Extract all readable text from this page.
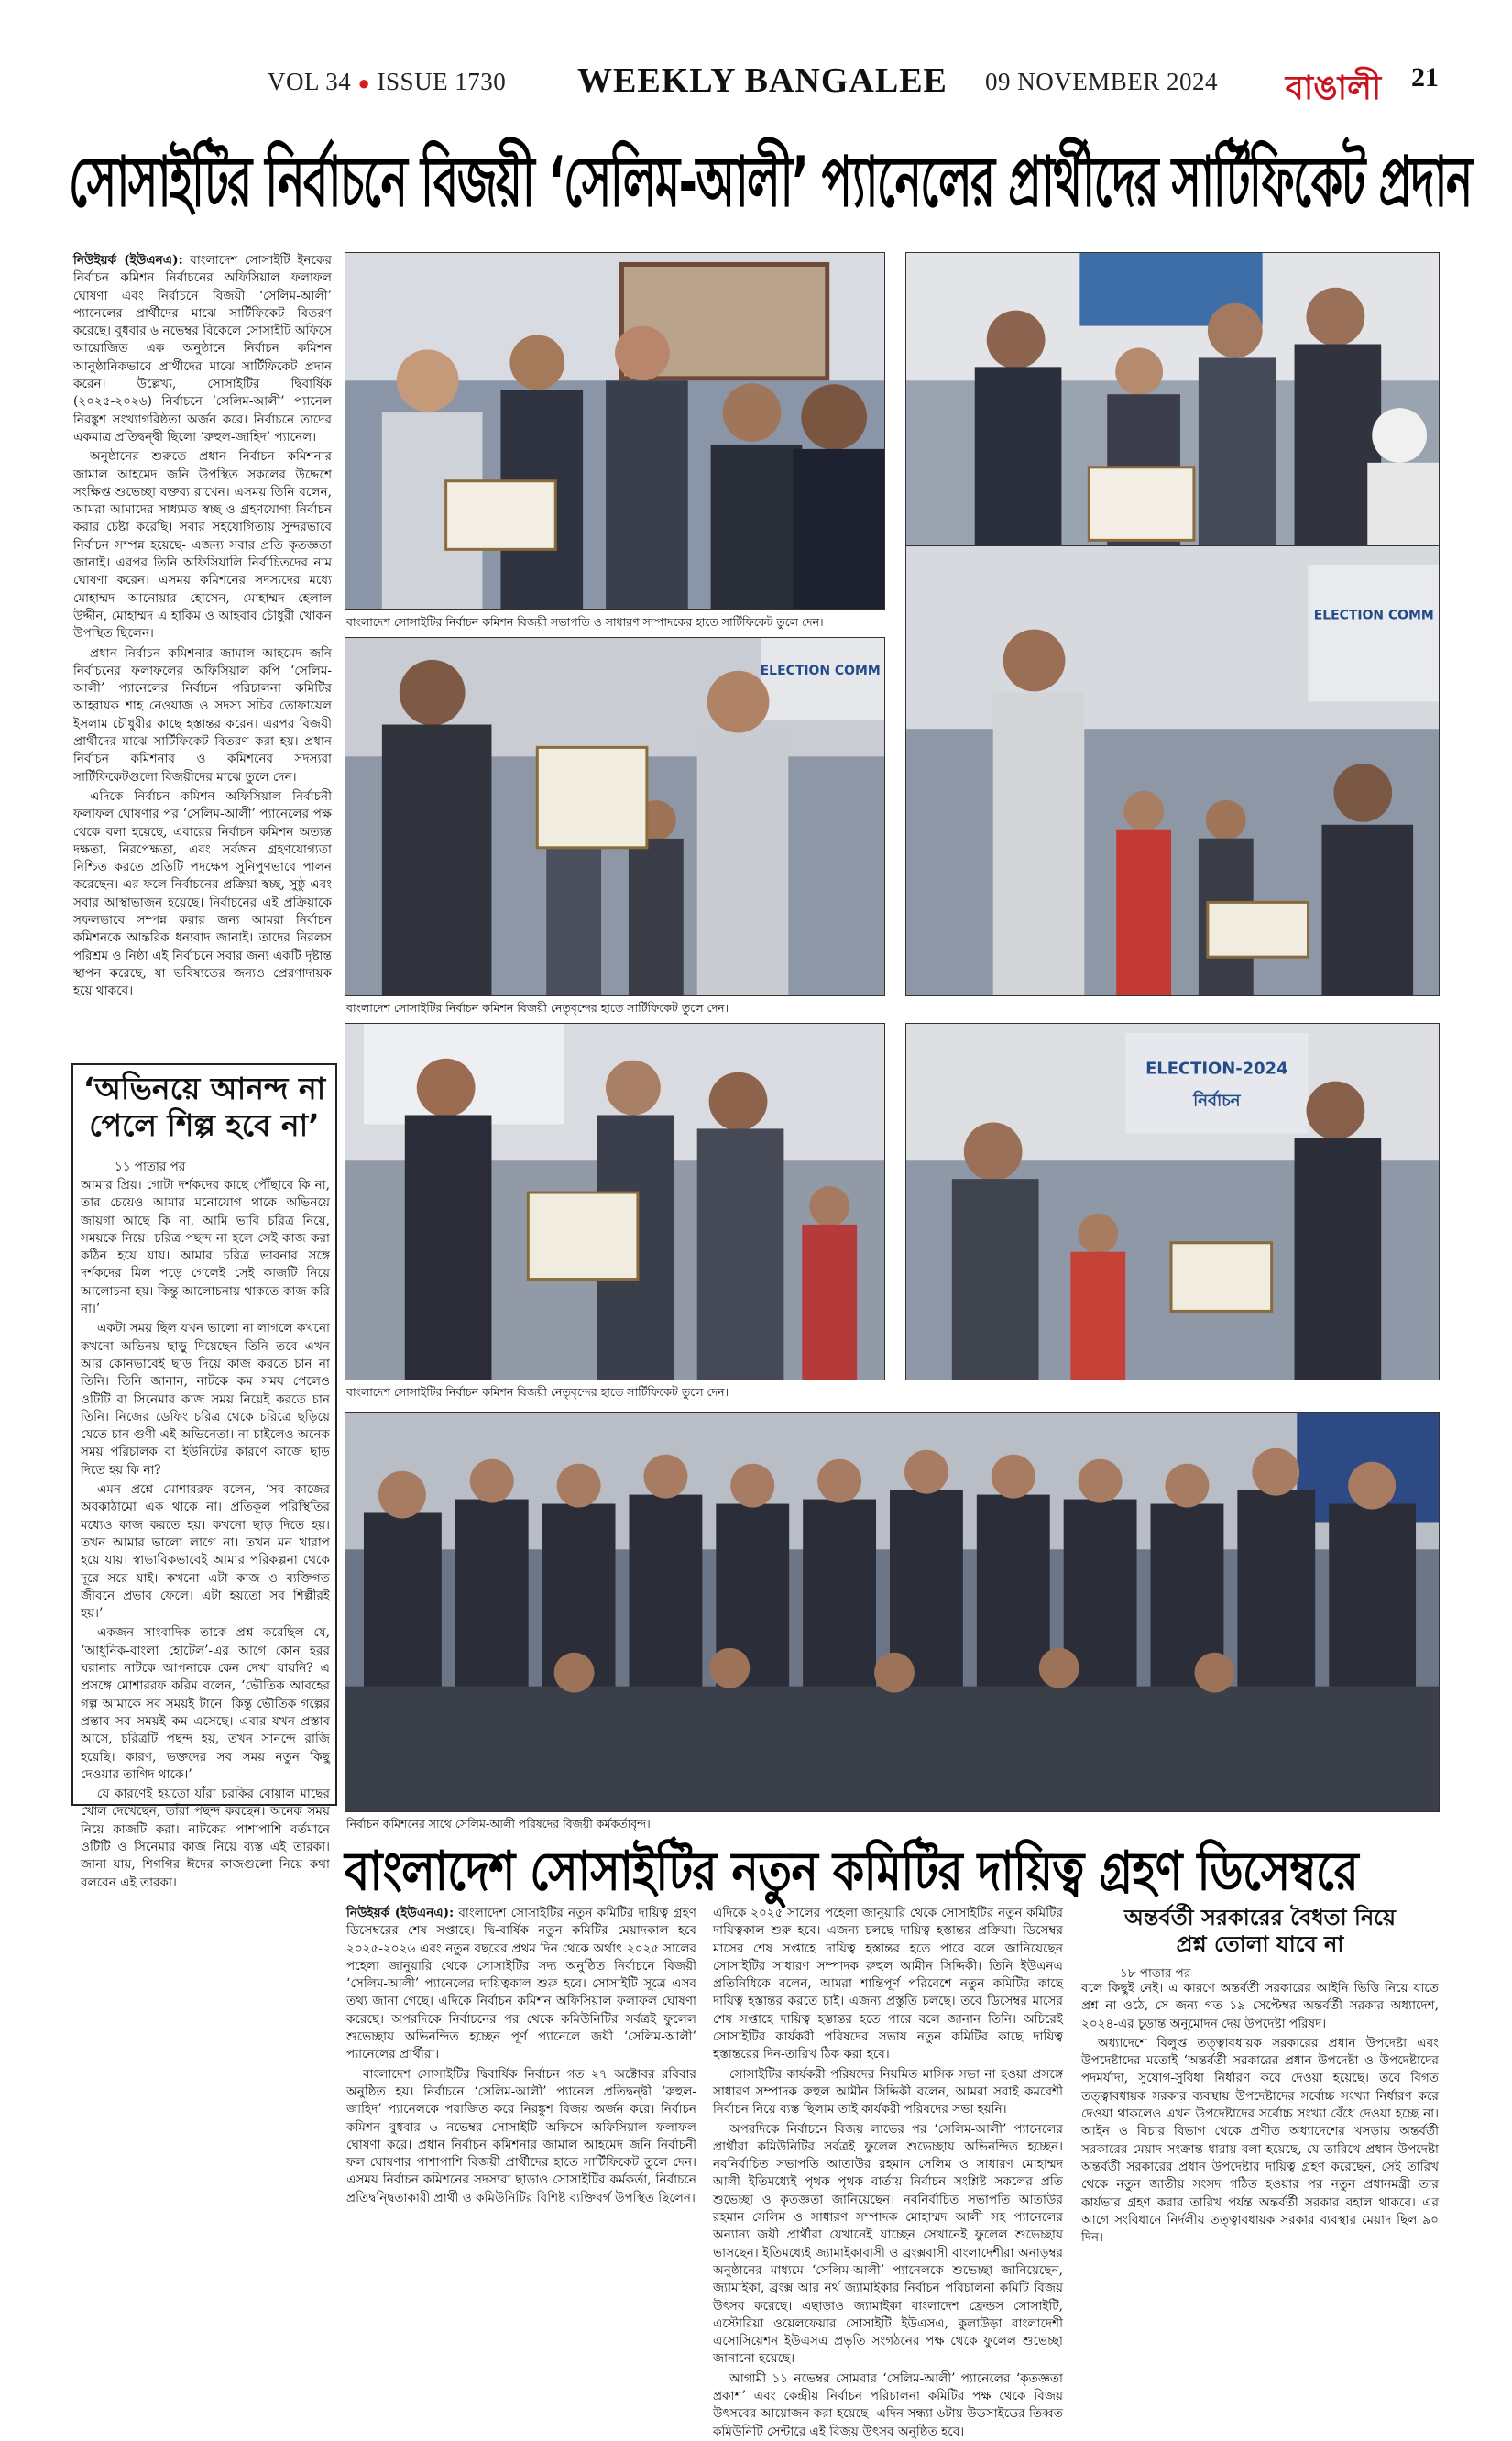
VOL 34 ● ISSUE 1730 WEEKLY BANGALEE 09 NOVEMBER 2024 বাঙালী 21
সোসাইটির নির্বাচনে বিজয়ী ‘সেলিম-আলী’ প্যানেলের প্রার্থীদের সার্টিফিকেট প্রদান

নিউইয়র্ক (ইউএনএ): বাংলাদেশ সোসাইটি ইনকের নির্বাচন কমিশন নির্বাচনের অফিসিয়াল ফলাফল ঘোষণা এবং নির্বাচনে বিজয়ী ‘সেলিম-আলী’ প্যানেলের প্রার্থীদের মাঝে সার্টিফিকেট বিতরণ করেছে। বুধবার ৬ নভেম্বর বিকেলে সোসাইটি অফিসে আয়োজিত এক অনুষ্ঠানে নির্বাচন কমিশন আনুষ্ঠানিকভাবে প্রার্থীদের মাঝে সার্টিফিকেট প্রদান করেন। উল্লেখ্য, সোসাইটির দ্বিবার্ষিক (২০২৫-২০২৬) নির্বাচনে ‘সেলিম-আলী’ প্যানেল নিরঙ্কুশ সংখ্যাগরিষ্ঠতা অর্জন করে। নির্বাচনে তাদের একমাত্র প্রতিদ্বন্দ্বী ছিলো ‘রুহুল-জাহিদ’ প্যানেল।

অনুষ্ঠানের শুরুতে প্রধান নির্বাচন কমিশনার জামাল আহমেদ জনি উপস্থিত সকলের উদ্দেশে সংক্ষিপ্ত শুভেচ্ছা বক্তব্য রাখেন। এসময় তিনি বলেন, আমরা আমাদের সাধ্যমত স্বচ্ছ ও গ্রহণযোগ্য নির্বাচন করার চেষ্টা করেছি। সবার সহযোগিতায় সুন্দরভাবে নির্বাচন সম্পন্ন হয়েছে- এজন্য সবার প্রতি কৃতজ্ঞতা জানাই। এরপর তিনি অফিসিয়ালি নির্বাচিতদের নাম ঘোষণা করেন। এসময় কমিশনের সদস্যদের মধ্যে মোহাম্মদ আনোয়ার হোসেন, মোহাম্মদ হেলাল উদ্দীন, মোহাম্মদ এ হাকিম ও আহবাব চৌধুরী খোকন উপস্থিত ছিলেন।

প্রধান নির্বাচন কমিশনার জামাল আহমেদ জনি নির্বাচনের ফলাফলের অফিসিয়াল কপি ‘সেলিম-আলী’ প্যানেলের নির্বাচন পরিচালনা কমিটির আহ্বায়ক শাহ নেওয়াজ ও সদস্য সচিব তোফায়েল ইসলাম চৌধুরীর কাছে হস্তান্তর করেন। এরপর বিজয়ী প্রার্থীদের মাঝে সার্টিফিকেট বিতরণ করা হয়। প্রধান নির্বাচন কমিশনার ও কমিশনের সদস্যরা সার্টিফিকেটগুলো বিজয়ীদের মাঝে তুলে দেন।

এদিকে নির্বাচন কমিশন অফিসিয়াল নির্বাচনী ফলাফল ঘোষণার পর ‘সেলিম-আলী’ প্যানেলের পক্ষ থেকে বলা হয়েছে, এবারের নির্বাচন কমিশন অত্যন্ত দক্ষতা, নিরপেক্ষতা, এবং সর্বজন গ্রহণযোগ্যতা নিশ্চিত করতে প্রতিটি পদক্ষেপ সুনিপুণভাবে পালন করেছেন। এর ফলে নির্বাচনের প্রক্রিয়া স্বচ্ছ, সুষ্ঠু এবং সবার আস্থাভাজন হয়েছে। নির্বাচনের এই প্রক্রিয়াকে সফলভাবে সম্পন্ন করার জন্য আমরা নির্বাচন কমিশনকে আন্তরিক ধন্যবাদ জানাই। তাদের নিরলস পরিশ্রম ও নিষ্ঠা এই নির্বাচনে সবার জন্য একটি দৃষ্টান্ত স্থাপন করেছে, যা ভবিষ্যতের জন্যও প্রেরণাদায়ক হয়ে থাকবে।

বাংলাদেশ সোসাইটির নির্বাচন কমিশন বিজয়ী সভাপতি ও সাধারণ সম্পাদকের হাতে সার্টিফিকেট তুলে দেন।
ELECTION COMM
ELECTION COMM
বাংলাদেশ সোসাইটির নির্বাচন কমিশন বিজয়ী নেতৃবৃন্দের হাতে সার্টিফিকেট তুলে দেন।
ELECTION-2024
নির্বাচন
বাংলাদেশ সোসাইটির নির্বাচন কমিশন বিজয়ী নেতৃবৃন্দের হাতে সার্টিফিকেট তুলে দেন।
‘অভিনয়ে আনন্দ না
পেলে শিল্প হবে না’
১১ পাতার পর

আমার প্রিয়। গোটা দর্শকদের কাছে পৌঁছাবে কি না, তার চেয়েও আমার মনোযোগ থাকে অভিনয়ে জায়গা আছে কি না, আমি ভাবি চরিত্র নিয়ে, সময়কে নিয়ে। চরিত্র পছন্দ না হলে সেই কাজ করা কঠিন হয়ে যায়। আমার চরিত্র ভাবনার সঙ্গে দর্শকদের মিল পড়ে গেলেই সেই কাজটি নিয়ে আলোচনা হয়। কিন্তু আলোচনায় থাকতে কাজ করি না।’

একটা সময় ছিল যখন ভালো না লাগলে কখনো কখনো অভিনয় ছাড়ু দিয়েছেন তিনি তবে এখন আর কোনভাবেই ছাড় দিয়ে কাজ করতে চান না তিনি। তিনি জানান, নাটকে কম সময় পেলেও ওটিটি বা সিনেমার কাজ সময় নিয়েই করতে চান তিনি। নিজের ডেফিং চরিত্র থেকে চরিত্রে ছড়িয়ে যেতে চান গুণী এই অভিনেতা। না চাইলেও অনেক সময় পরিচালক বা ইউনিটের কারণে কাজে ছাড় দিতে হয় কি না?

এমন প্রশ্নে মোশাররফ বলেন, ‘সব কাজের অবকাঠামো এক থাকে না। প্রতিকূল পরিস্থিতির মধ্যেও কাজ করতে হয়। কখনো ছাড় দিতে হয়। তখন আমার ভালো লাগে না। তখন মন খারাপ হয়ে যায়। স্বাভাবিকভাবেই আমার পরিকল্পনা থেকে দূরে সরে যাই। কখনো এটা কাজ ও ব্যক্তিগত জীবনে প্রভাব ফেলে। এটা হয়তো সব শিল্পীরই হয়।’

একজন সাংবাদিক তাকে প্রশ্ন করেছিল যে, ‘আধুনিক-বাংলা হোটেল’-এর আগে কোন হরর ঘরানার নাটকে আপনাকে কেন দেখা যায়নি? এ প্রসঙ্গে মোশাররফ করিম বলেন, ‘ভৌতিক আবহের গল্প আমাকে সব সময়ই টানে। কিন্তু ভৌতিক গল্পের প্রস্তাব সব সময়ই কম এসেছে। এবার যখন প্রস্তাব আসে, চরিত্রটি পছন্দ হয়, তখন সানন্দে রাজি হয়েছি। কারণ, ভক্তদের সব সময় নতুন কিছু দেওয়ার তাগিদ থাকে।’

যে কারণেই হয়তো যাঁরা চরকির বোয়াল মাছের খোল দেখেছেন, তাঁরা পছন্দ করছেন। অনেক সময় নিয়ে কাজটি করা। নাটকের পাশাপাশি বর্তমানে ওটিটি ও সিনেমার কাজ নিয়ে ব্যস্ত এই তারকা। জানা যায়, শিগগির ঈদের কাজগুলো নিয়ে কথা বলবেন এই তারকা।

নির্বাচন কমিশনের সাথে সেলিম-আলী পরিষদের বিজয়ী কর্মকর্তাবৃন্দ।
বাংলাদেশ সোসাইটির নতুন কমিটির দায়িত্ব গ্রহণ ডিসেম্বরে

নিউইয়র্ক (ইউএনএ): বাংলাদেশ সোসাইটির নতুন কমিটির দায়িত্ব গ্রহণ ডিসেম্বরের শেষ সপ্তাহে। দ্বি-বার্ষিক নতুন কমিটির মেয়াদকাল হবে ২০২৫-২০২৬ এবং নতুন বছরের প্রথম দিন থেকে অর্থাৎ ২০২৫ সালের পহেলা জানুয়ারি থেকে সোসাইটির সদ্য অনুষ্ঠিত নির্বাচনে বিজয়ী ‘সেলিম-আলী’ প্যানেলের দায়িত্বকাল শুরু হবে। সোসাইটি সূত্রে এসব তথ্য জানা গেছে। এদিকে নির্বাচন কমিশন অফিসিয়াল ফলাফল ঘোষণা করেছে। অপরদিকে নির্বাচনের পর থেকে কমিউনিটির সর্বত্রই ফুলেল শুভেচ্ছায় অভিনন্দিত হচ্ছেন পূর্ণ প্যানেলে জয়ী ‘সেলিম-আলী’ প্যানেলের প্রার্থীরা।

বাংলাদেশ সোসাইটির দ্বিবার্ষিক নির্বাচন গত ২৭ অক্টোবর রবিবার অনুষ্ঠিত হয়। নির্বাচনে ‘সেলিম-আলী’ প্যানেল প্রতিদ্বন্দ্বী ‘রুহুল-জাহিদ’ প্যানেলকে পরাজিত করে নিরঙ্কুশ বিজয় অর্জন করে। নির্বাচন কমিশন বুধবার ৬ নভেম্বর সোসাইটি অফিসে অফিসিয়াল ফলাফল ঘোষণা করে। প্রধান নির্বাচন কমিশনার জামাল আহমেদ জনি নির্বাচনী ফল ঘোষণার পাশাপাশি বিজয়ী প্রার্থীদের হাতে সার্টিফিকেট তুলে দেন। এসময় নির্বাচন কমিশনের সদস্যরা ছাড়াও সোসাইটির কর্মকর্তা, নির্বাচনে প্রতিদ্বন্দ্বিতাকারী প্রার্থী ও কমিউনিটির বিশিষ্ট ব্যক্তিবর্গ উপস্থিত ছিলেন।

এদিকে ২০২৫ সালের পহেলা জানুয়ারি থেকে সোসাইটির নতুন কমিটির দায়িত্বকাল শুরু হবে। এজন্য চলছে দায়িত্ব হস্তান্তর প্রক্রিয়া। ডিসেম্বর মাসের শেষ সপ্তাহে দায়িত্ব হস্তান্তর হতে পারে বলে জানিয়েছেন সোসাইটির সাধারণ সম্পাদক রুহুল আমীন সিদ্দিকী। তিনি ইউএনএ প্রতিনিধিকে বলেন, আমরা শান্তিপূর্ণ পরিবেশে নতুন কমিটির কাছে দায়িত্ব হস্তান্তর করতে চাই। এজন্য প্রস্তুতি চলছে। তবে ডিসেম্বর মাসের শেষ সপ্তাহে দায়িত্ব হস্তান্তর হতে পারে বলে জানান তিনি। অচিরেই সোসাইটির কার্যকরী পরিষদের সভায় নতুন কমিটির কাছে দায়িত্ব হস্তান্তরের দিন-তারিখ ঠিক করা হবে।

সোসাইটির কার্যকরী পরিষদের নিয়মিত মাসিক সভা না হওয়া প্রসঙ্গে সাধারণ সম্পাদক রুহুল আমীন সিদ্দিকী বলেন, আমরা সবাই কমবেশী নির্বাচন নিয়ে ব্যস্ত ছিলাম তাই কার্যকরী পরিষদের সভা হয়নি।

অপরদিকে নির্বাচনে বিজয় লাভের পর ‘সেলিম-আলী’ প্যানেলের প্রার্থীরা কমিউনিটির সর্বত্রই ফুলেল শুভেচ্ছায় অভিনন্দিত হচ্ছেন। নবনির্বাচিত সভাপতি আতাউর রহমান সেলিম ও সাধারণ মোহাম্মদ আলী ইতিমধ্যেই পৃথক পৃথক বার্তায় নির্বাচন সংশ্লিষ্ট সকলের প্রতি শুভেচ্ছা ও কৃতজ্ঞতা জানিয়েছেন। নবনির্বাচিত সভাপতি আতাউর রহমান সেলিম ও সাধারণ সম্পাদক মোহাম্মদ আলী সহ প্যানেলের অন্যান্য জয়ী প্রার্থীরা যেখানেই যাচ্ছেন সেখানেই ফুলেল শুভেচ্ছায় ভাসছেন। ইতিমধ্যেই জ্যামাইকাবাসী ও ব্রংক্সবাসী বাংলাদেশীরা অনাড়ম্বর অনুষ্ঠানের মাধ্যমে ‘সেলিম-আলী’ প্যানেলকে শুভেচ্ছা জানিয়েছেন, জ্যামাইকা, ব্রংক্স আর নর্থ জ্যামাইকার নির্বাচন পরিচালনা কমিটি বিজয় উৎসব করেছে। এছাড়াও জ্যামাইকা বাংলাদেশ ফ্রেন্ডস সোসাইটি, এস্টোরিয়া ওয়েলফেয়ার সোসাইটি ইউএসএ, কুলাউড়া বাংলাদেশী এসোসিয়েশন ইউএসএ প্রভৃতি সংগঠনের পক্ষ থেকে ফুলেল শুভেচ্ছা জানানো হয়েছে।

আগামী ১১ নভেম্বর সোমবার ‘সেলিম-আলী’ প্যানেলের ‘কৃতজ্ঞতা প্রকাশ’ এবং কেন্দ্রীয় নির্বাচন পরিচালনা কমিটির পক্ষ থেকে বিজয় উৎসবের আয়োজন করা হয়েছে। এদিন সন্ধ্যা ৬টায় উডসাইডের তিব্বত কমিউনিটি সেন্টারে এই বিজয় উৎসব অনুষ্ঠিত হবে।

অন্তর্বর্তী সরকারের বৈধতা নিয়ে
প্রশ্ন তোলা যাবে না
১৮ পাতার পর

বলে কিছুই নেই। এ কারণে অন্তর্বর্তী সরকারের আইনি ভিত্তি নিয়ে যাতে প্রশ্ন না ওঠে, সে জন্য গত ১৯ সেপ্টেম্বর অন্তর্বর্তী সরকার অধ্যাদেশ, ২০২৪-এর চূড়ান্ত অনুমোদন দেয় উপদেষ্টা পরিষদ।

অধ্যাদেশে বিলুপ্ত তত্ত্বাবধায়ক সরকারের প্রধান উপদেষ্টা এবং উপদেষ্টাদের মতোই ‘অন্তর্বর্তী সরকারের প্রধান উপদেষ্টা ও উপদেষ্টাদের পদমর্যাদা, সুযোগ-সুবিধা নির্ধারণ করে দেওয়া হয়েছে। তবে বিগত তত্ত্বাবধায়ক সরকার ব্যবস্থায় উপদেষ্টাদের সর্বোচ্চ সংখ্যা নির্ধারণ করে দেওয়া থাকলেও এখন উপদেষ্টাদের সর্বোচ্চ সংখ্যা বেঁধে দেওয়া হচ্ছে না। আইন ও বিচার বিভাগ থেকে প্রণীত অধ্যাদেশের খসড়ায় অন্তর্বর্তী সরকারের মেয়াদ সংক্রান্ত ধারায় বলা হয়েছে, যে তারিখে প্রধান উপদেষ্টা অন্তর্বর্তী সরকারের প্রধান উপদেষ্টার দায়িত্ব গ্রহণ করেছেন, সেই তারিখ থেকে নতুন জাতীয় সংসদ গঠিত হওয়ার পর নতুন প্রধানমন্ত্রী তার কার্যভার গ্রহণ করার তারিখ পর্যন্ত অন্তর্বর্তী সরকার বহাল থাকবে। এর আগে সংবিধানে নির্দলীয় তত্ত্বাবধায়ক সরকার ব্যবস্থার মেয়াদ ছিল ৯০ দিন।
